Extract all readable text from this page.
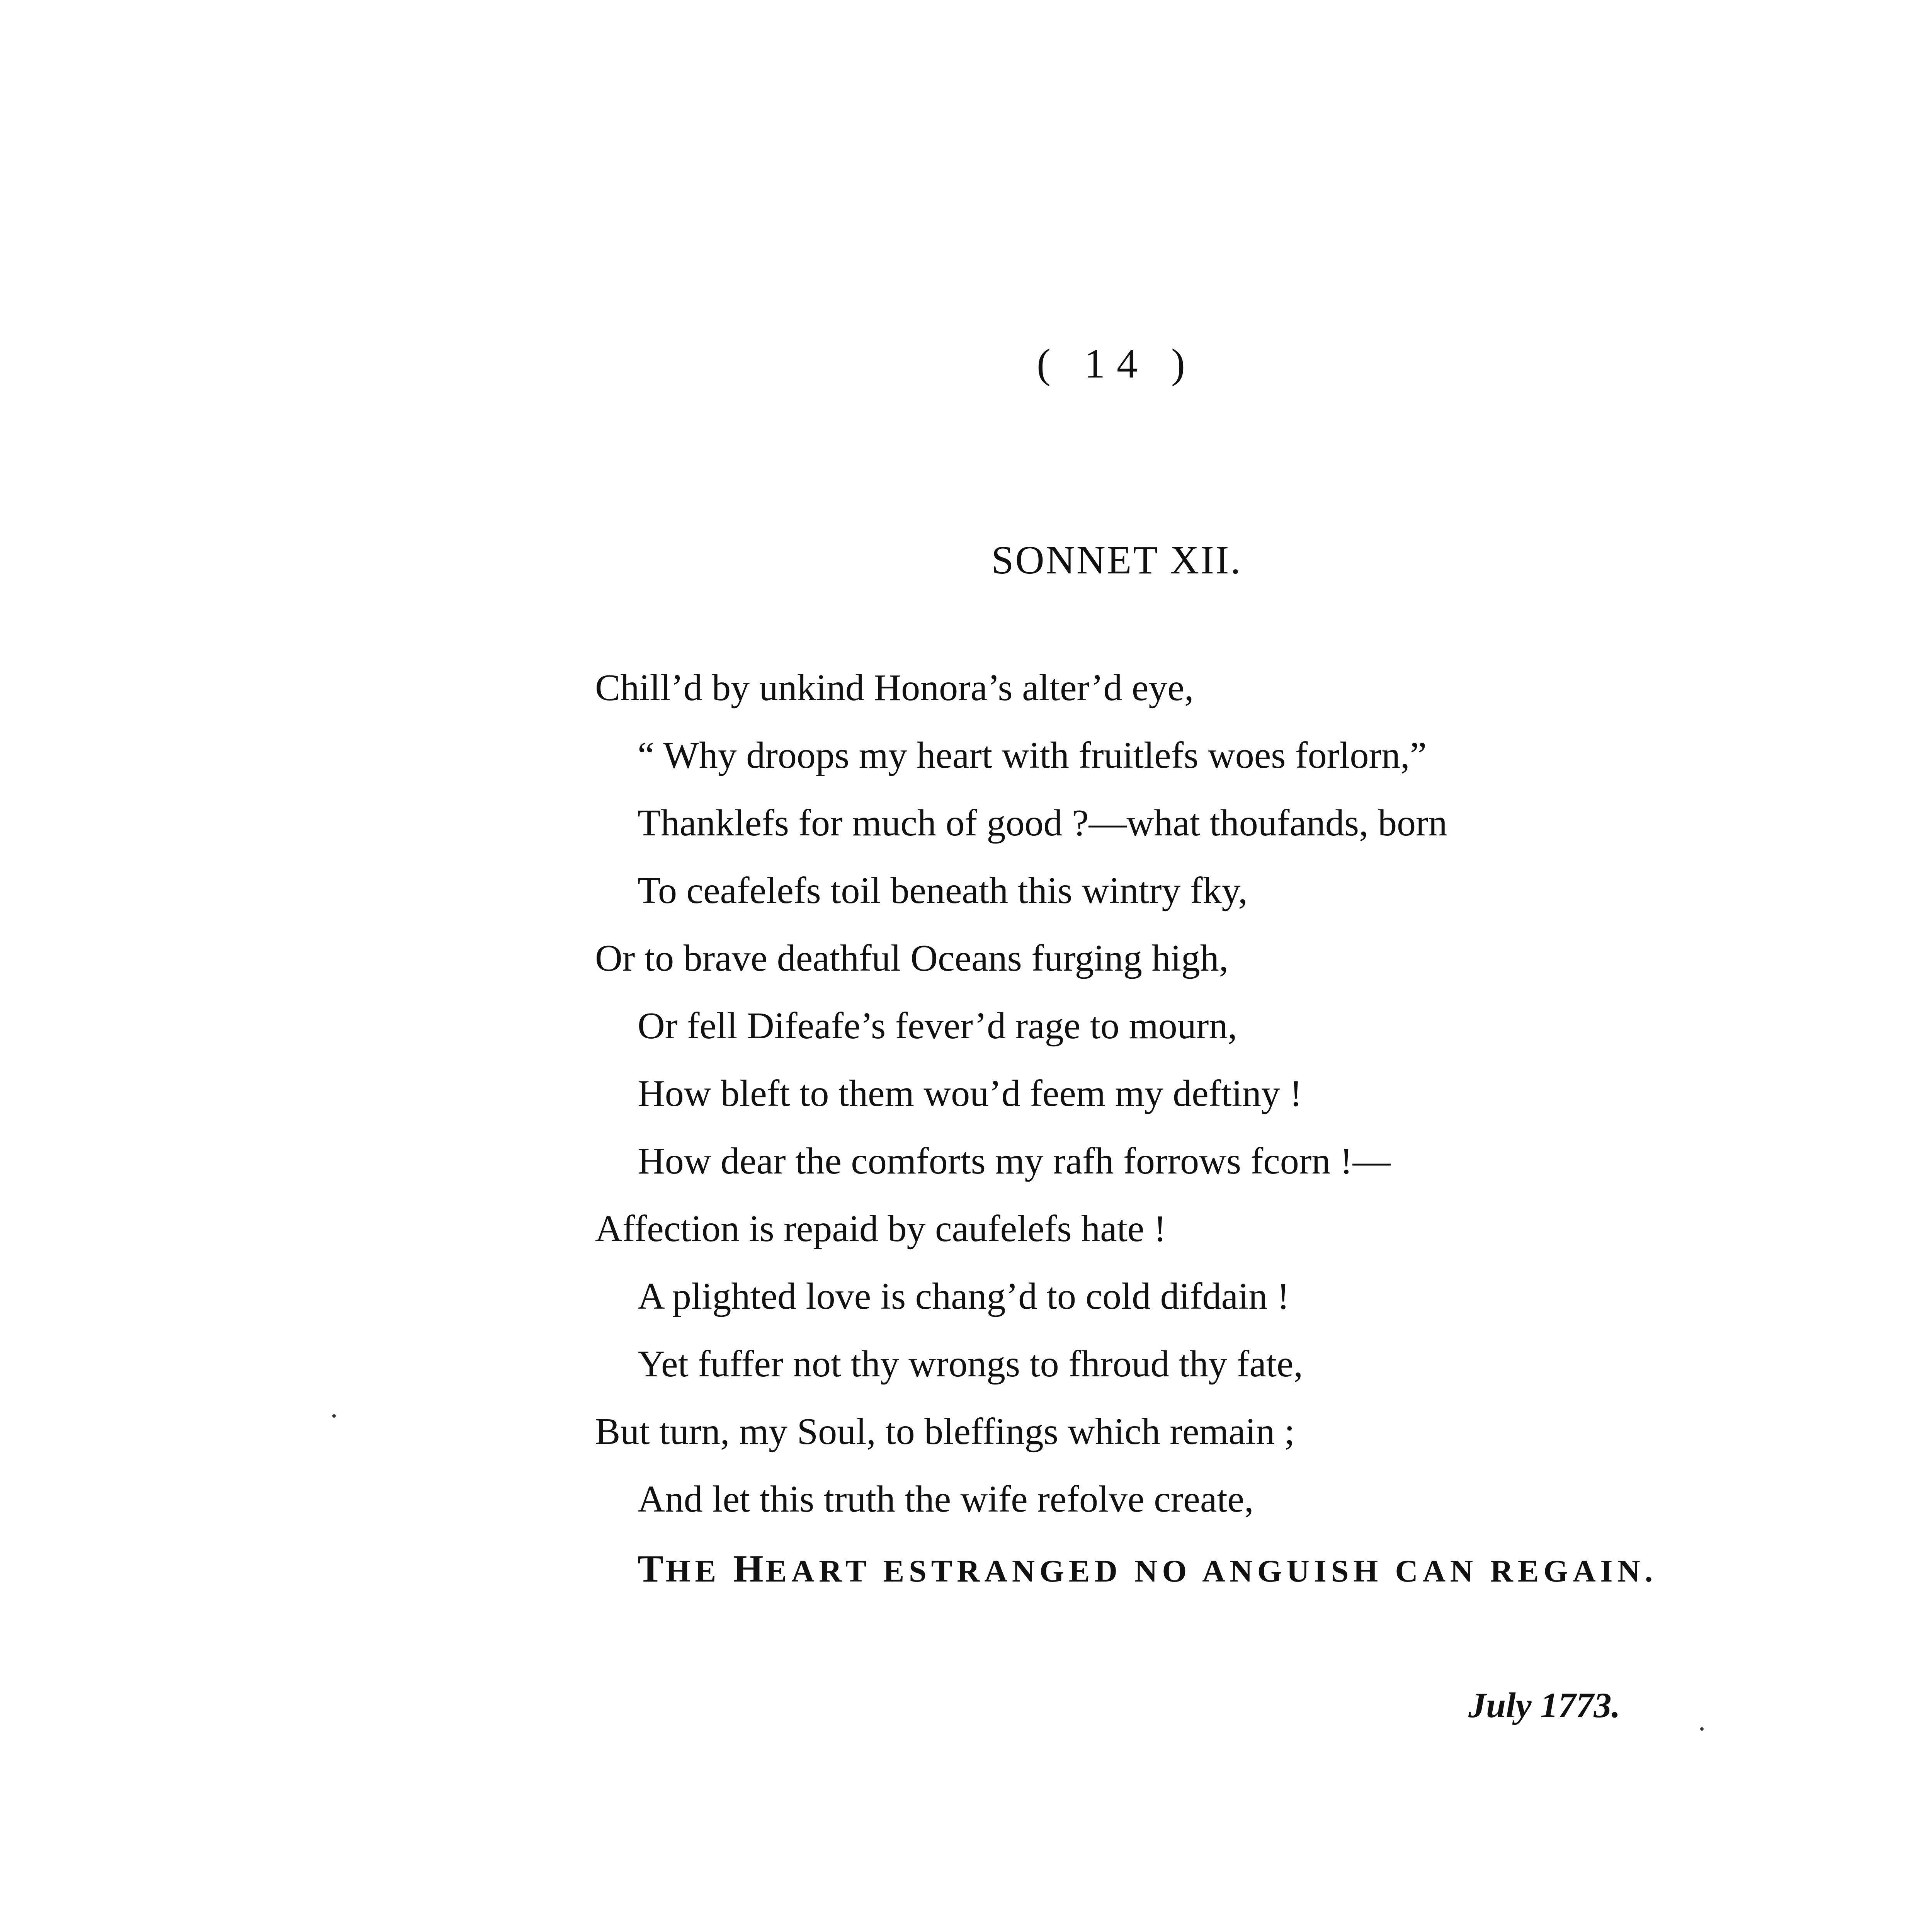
( 14 )
SONNET XII.
Chill’d by unkind Honora’s alter’d eye,
“ Why droops my heart with fruitlefs woes forlorn,”
Thanklefs for much of good ?—what thoufands, born
To ceafelefs toil beneath this wintry fky,
Or to brave deathful Oceans furging high,
Or fell Difeafe’s fever’d rage to mourn,
How bleft to them wou’d feem my deftiny !
How dear the comforts my rafh forrows fcorn !—
Affection is repaid by caufelefs hate !
A plighted love is chang’d to cold difdain !
Yet fuffer not thy wrongs to fhroud thy fate,
But turn, my Soul, to bleffings which remain ;
And let this truth the wife refolve create,
THE HEART ESTRANGED NO ANGUISH CAN REGAIN.
July 1773.
